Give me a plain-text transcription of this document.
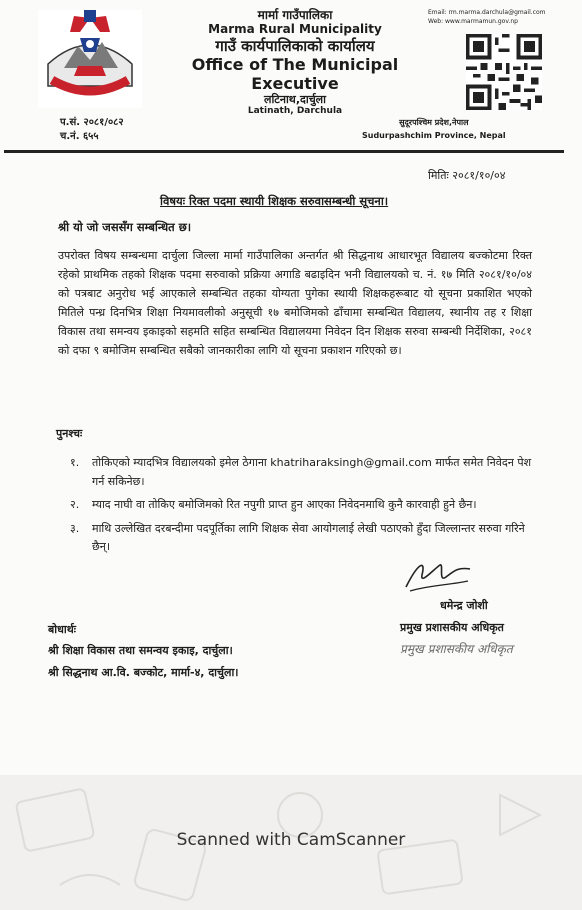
मार्मा गाउँपालिका
मार्मा गाउँपालिका
Marma Rural Municipality
गाउँ कार्यपालिकाको कार्यालय
Office of The Municipal Executive
लटिनाथ,दार्चुला
Latinath, Darchula
Email: rm.marma.darchula@gmail.com
Web: www.marmamun.gov.np
प.सं. २०८१/०८२
च.नं. ६५५
सुदूरपश्चिम प्रदेश,नेपाल
Sudurpashchim Province, Nepal
मितिः २०८१/१०/०४
विषयः रिक्त पदमा स्थायी शिक्षक सरुवासम्बन्धी सूचना।
श्री यो जो जससँग सम्बन्धित छ।
उपरोक्त विषय सम्बन्धमा दार्चुला जिल्ला मार्मा गाउँपालिका अन्तर्गत श्री सिद्धनाथ आधारभूत विद्यालय बज्कोटमा रिक्त रहेको प्राथमिक तहको शिक्षक पदमा सरुवाको प्रक्रिया अगाडि बढाइदिन भनी विद्यालयको च. नं. १७ मिति २०८१/१०/०४ को पत्रबाट अनुरोध भई आएकाले सम्बन्धित तहका योग्यता पुगेका स्थायी शिक्षकहरूबाट यो सूचना प्रकाशित भएको मितिले पन्ध्र दिनभित्र शिक्षा नियमावलीको अनुसूची १७ बमोजिमको ढाँचामा सम्बन्धित विद्यालय, स्थानीय तह र शिक्षा विकास तथा समन्वय इकाइको सहमति सहित सम्बन्धित विद्यालयमा निवेदन दिन शिक्षक सरुवा सम्बन्धी निर्देशिका, २०८१ को दफा ९ बमोजिम सम्बन्धित सबैको जानकारीका लागि यो सूचना प्रकाशन गरिएको छ।
पुनश्चः
१.	तोकिएको म्यादभित्र विद्यालयको इमेल ठेगाना khatriharaksingh@gmail.com मार्फत समेत निवेदन पेश गर्न सकिनेछ।
२.	म्याद नाघी वा तोकिए बमोजिमको रित नपुगी प्राप्त हुन आएका निवेदनमाथि कुनै कारवाही हुने छैन।
३.	माथि उल्लेखित दरबन्दीमा पदपूर्तिका लागि शिक्षक सेवा आयोगलाई लेखी पठाएको हुँदा जिल्लान्तर सरुवा गरिने छैन्।
धमेन्द्र जोशी
प्रमुख प्रशासकीय अधिकृत
प्रमुख प्रशासकीय अधिकृत
बोधार्थः
श्री शिक्षा विकास तथा समन्वय इकाइ, दार्चुला।
श्री सिद्धनाथ आ.वि. बज्कोट, मार्मा-४, दार्चुला।
Scanned with CamScanner
